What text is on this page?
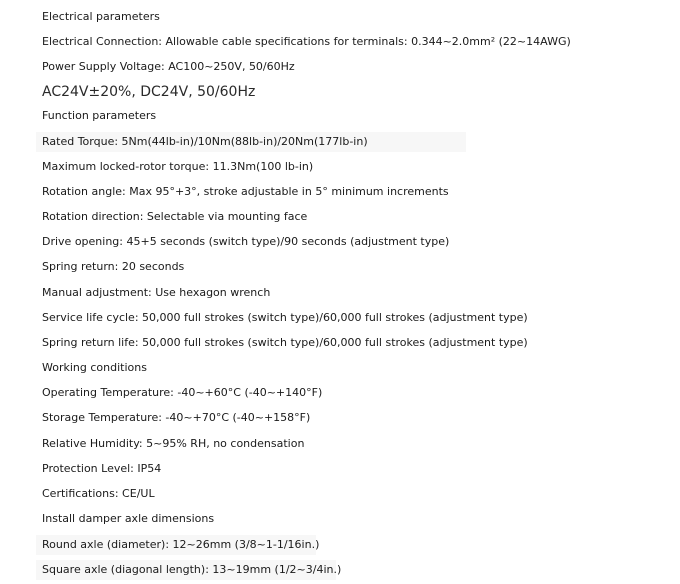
Electrical parameters
Electrical Connection: Allowable cable specifications for terminals: 0.344~2.0mm² (22~14AWG)
Power Supply Voltage: AC100~250V, 50/60Hz
AC24V±20%, DC24V, 50/60Hz
Function parameters
Rated Torque: 5Nm(44lb-in)/10Nm(88lb-in)/20Nm(177lb-in)
Maximum locked-rotor torque: 11.3Nm(100 lb-in)
Rotation angle: Max 95°+3°, stroke adjustable in 5° minimum increments
Rotation direction: Selectable via mounting face
Drive opening: 45+5 seconds (switch type)/90 seconds (adjustment type)
Spring return: 20 seconds
Manual adjustment: Use hexagon wrench
Service life cycle: 50,000 full strokes (switch type)/60,000 full strokes (adjustment type)
Spring return life: 50,000 full strokes (switch type)/60,000 full strokes (adjustment type)
Working conditions
Operating Temperature: -40~+60°C (-40~+140°F)
Storage Temperature: -40~+70°C (-40~+158°F)
Relative Humidity: 5~95% RH, no condensation
Protection Level: IP54
Certifications: CE/UL
Install damper axle dimensions
Round axle (diameter): 12~26mm (3/8~1-1/16in.)
Square axle (diagonal length): 13~19mm (1/2~3/4in.)
